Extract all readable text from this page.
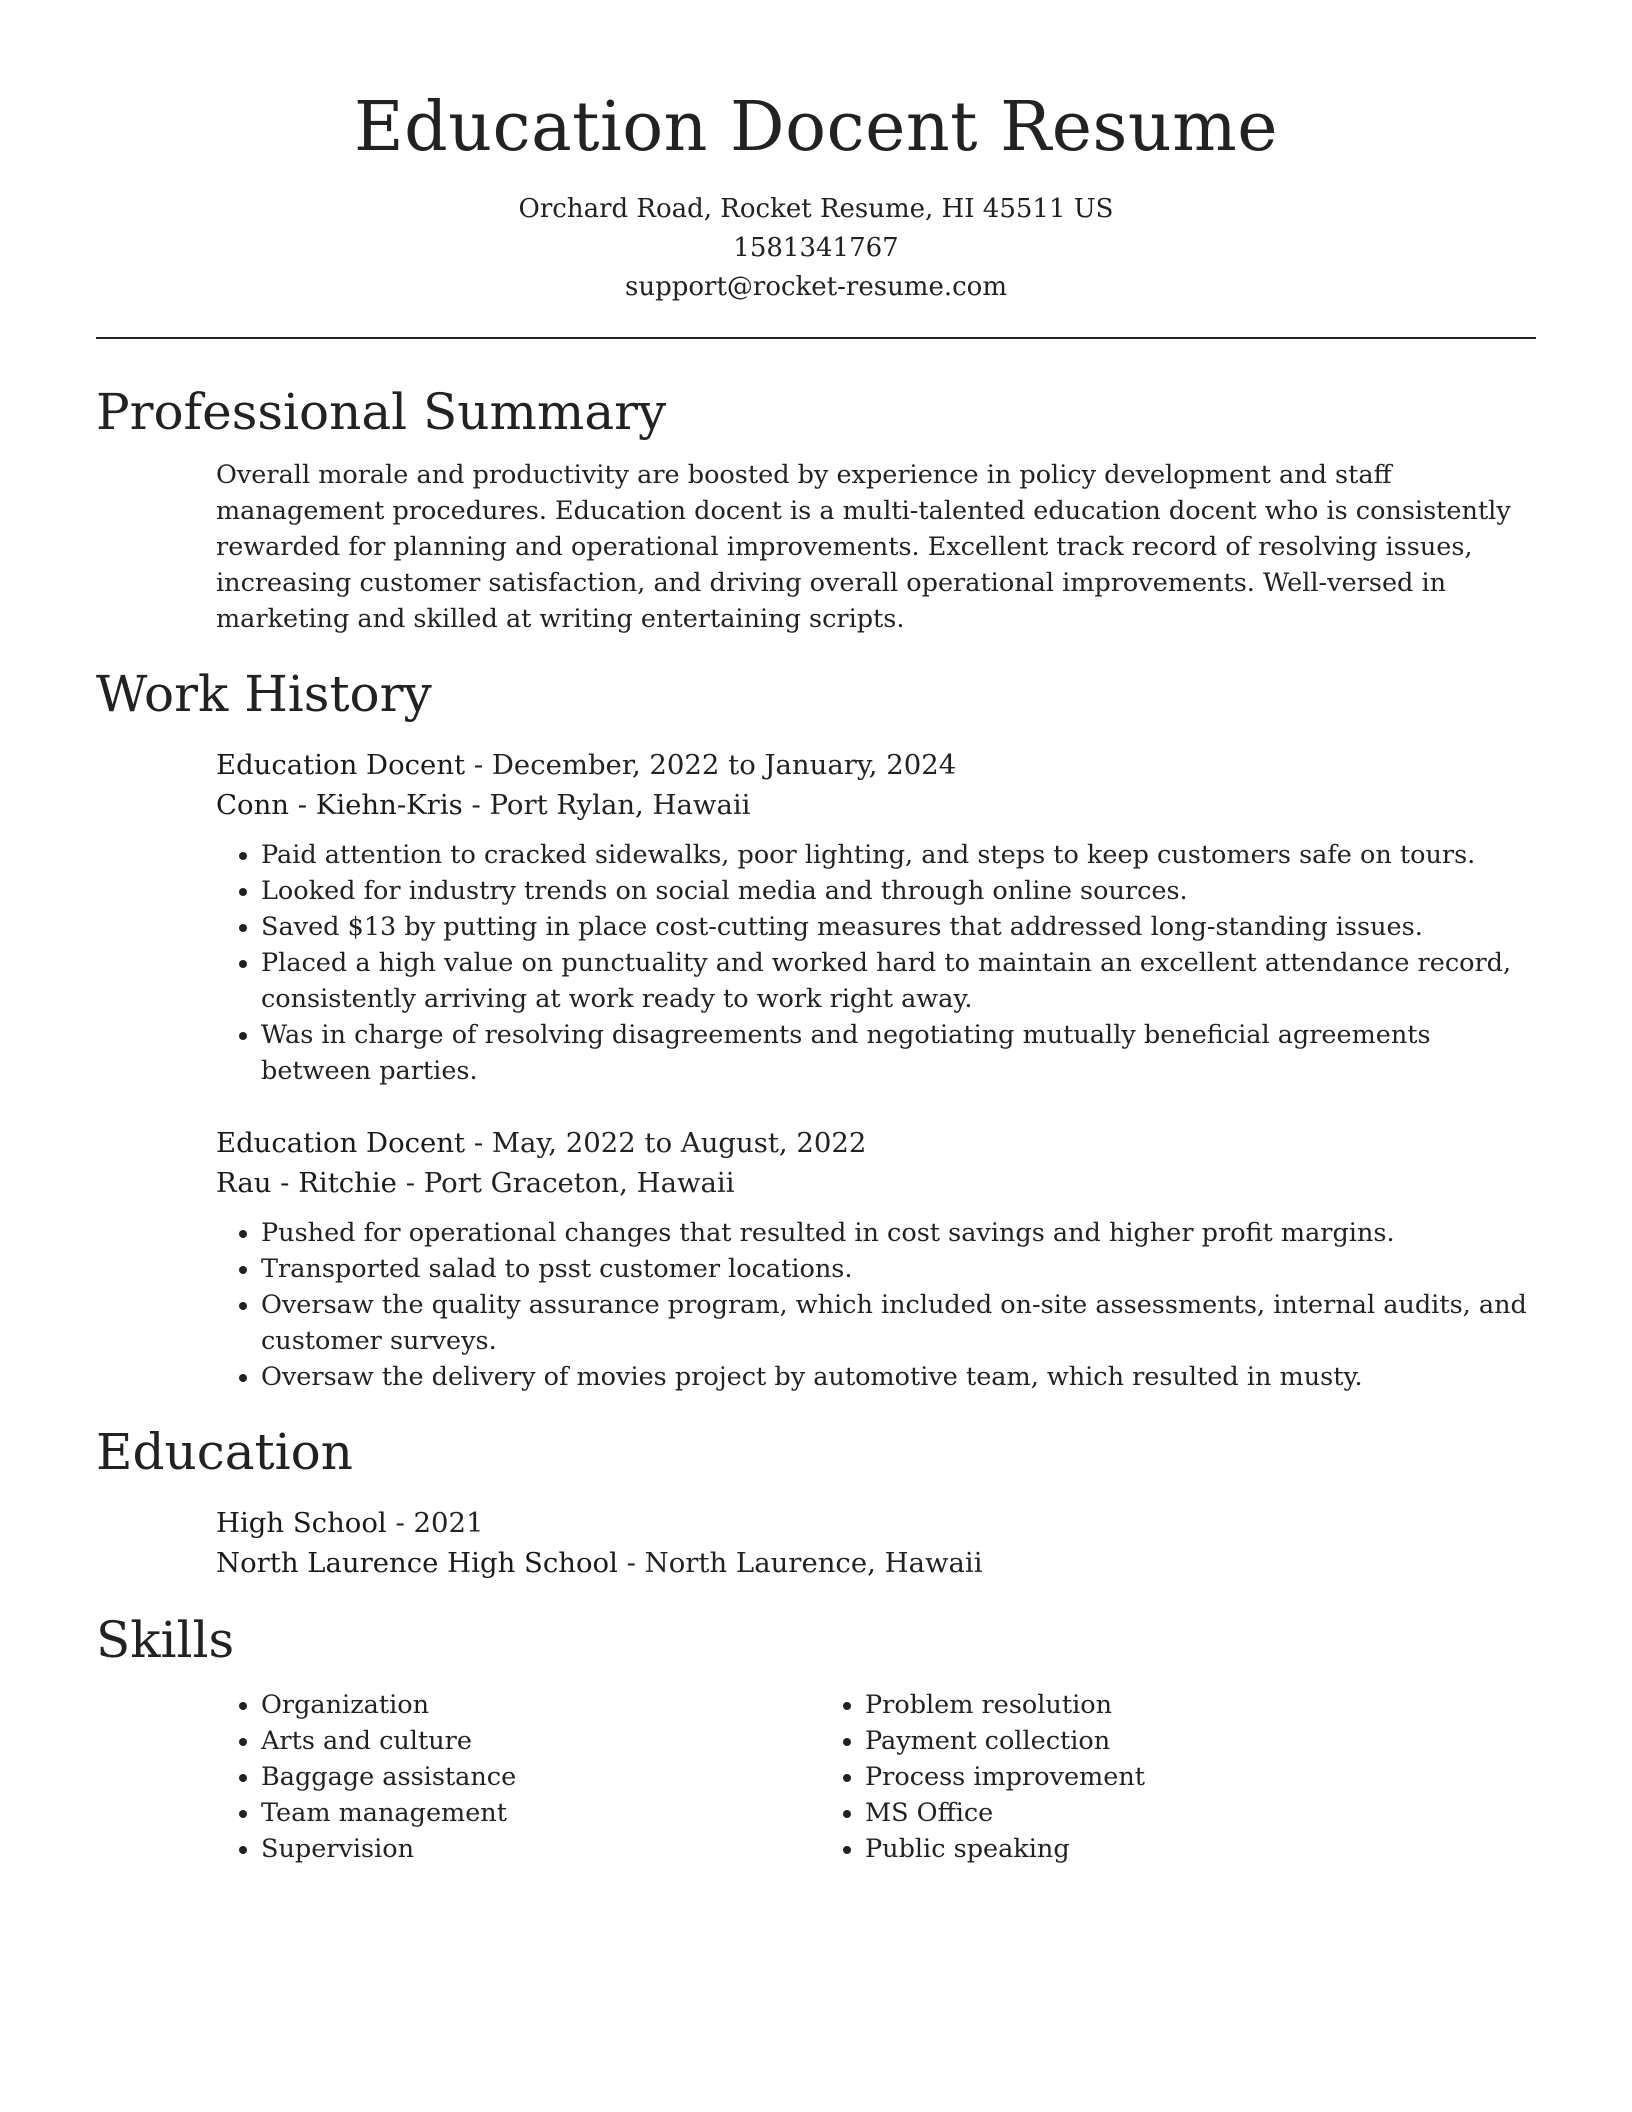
Education Docent Resume
Orchard Road, Rocket Resume, HI 45511 US
1581341767
support@rocket-resume.com
Professional Summary
Overall morale and productivity are boosted by experience in policy development and staff management procedures. Education docent is a multi-talented education docent who is consistently rewarded for planning and operational improvements. Excellent track record of resolving issues, increasing customer satisfaction, and driving overall operational improvements. Well-versed in marketing and skilled at writing entertaining scripts.
Work History
Education Docent - December, 2022 to January, 2024
Conn - Kiehn-Kris - Port Rylan, Hawaii
• Paid attention to cracked sidewalks, poor lighting, and steps to keep customers safe on tours.
• Looked for industry trends on social media and through online sources.
• Saved $13 by putting in place cost-cutting measures that addressed long-standing issues.
• Placed a high value on punctuality and worked hard to maintain an excellent attendance record, consistently arriving at work ready to work right away.
• Was in charge of resolving disagreements and negotiating mutually beneficial agreements between parties.
Education Docent - May, 2022 to August, 2022
Rau - Ritchie - Port Graceton, Hawaii
• Pushed for operational changes that resulted in cost savings and higher profit margins.
• Transported salad to psst customer locations.
• Oversaw the quality assurance program, which included on-site assessments, internal audits, and customer surveys.
• Oversaw the delivery of movies project by automotive team, which resulted in musty.
Education
High School - 2021
North Laurence High School - North Laurence, Hawaii
Skills
• Organization
• Arts and culture
• Baggage assistance
• Team management
• Supervision
• Problem resolution
• Payment collection
• Process improvement
• MS Office
• Public speaking
